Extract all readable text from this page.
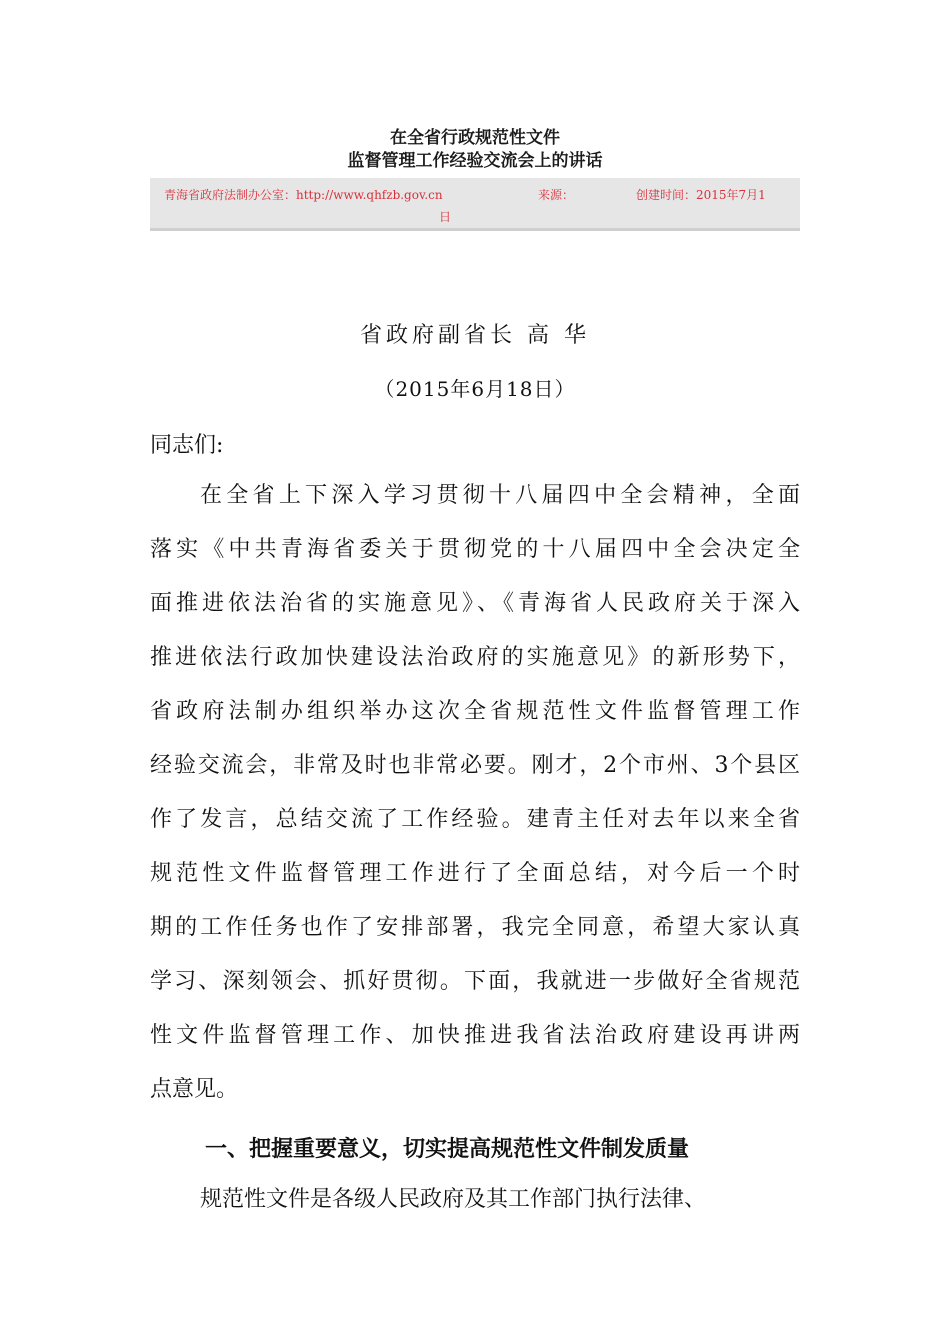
在全省行政规范性文件
监督管理工作经验交流会上的讲话
青海省政府法制办公室：http://www.qhfzb.gov.cn	来源：	创建时间：2015年7月1
日
省政府副省长 高 华
（2015年6月18日）
同志们:
在全省上下深入学习贯彻十八届四中全会精神，全面
落实《中共青海省委关于贯彻党的十八届四中全会决定全
面推进依法治省的实施意见》、《青海省人民政府关于深入
推进依法行政加快建设法治政府的实施意见》的新形势下，
省政府法制办组织举办这次全省规范性文件监督管理工作
经验交流会，非常及时也非常必要。刚才，2个市州、3个县区
作了发言，总结交流了工作经验。建青主任对去年以来全省
规范性文件监督管理工作进行了全面总结，对今后一个时
期的工作任务也作了安排部署，我完全同意，希望大家认真
学习、深刻领会、抓好贯彻。下面，我就进一步做好全省规范
性文件监督管理工作、加快推进我省法治政府建设再讲两
点意见。
一、把握重要意义，切实提高规范性文件制发质量
规范性文件是各级人民政府及其工作部门执行法律、
